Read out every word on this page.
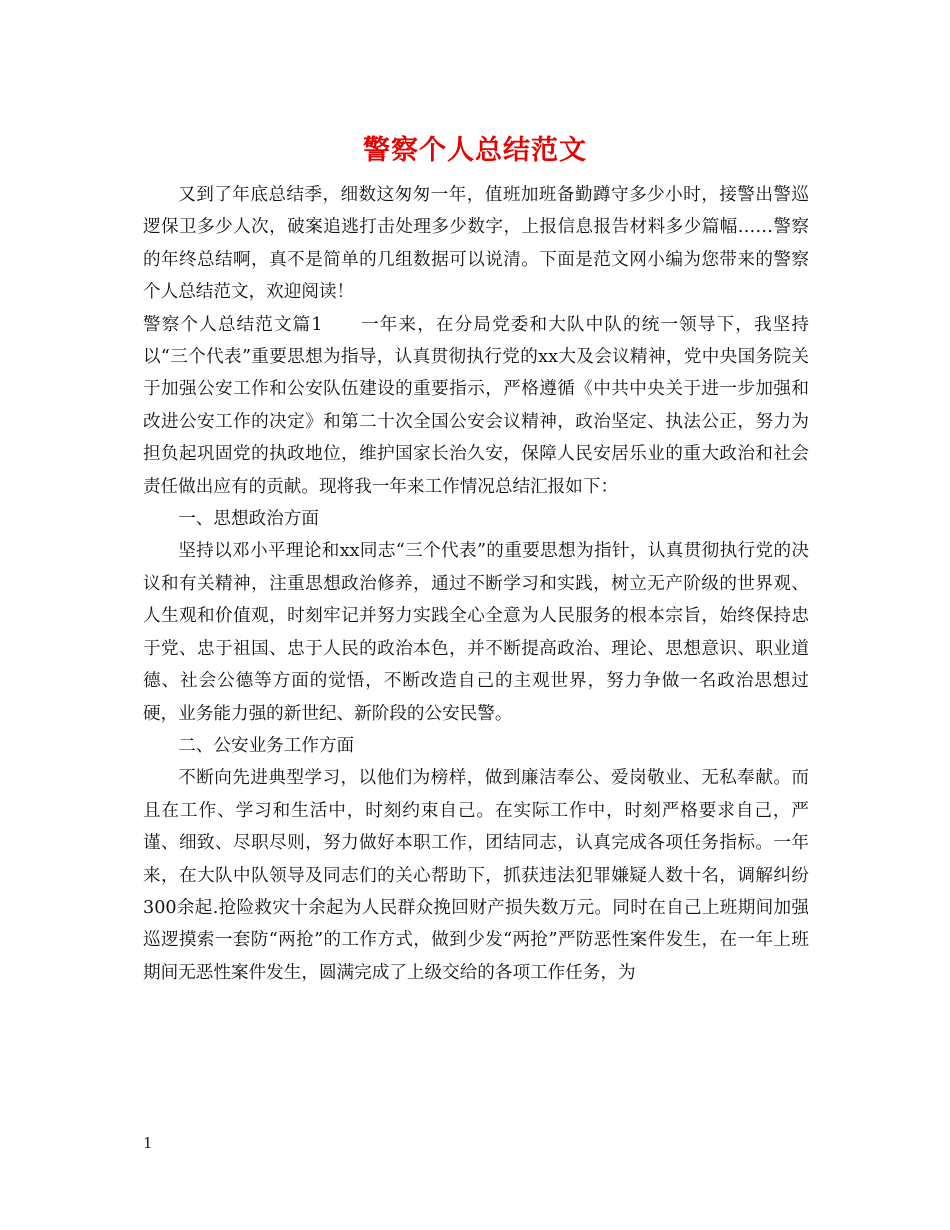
警察个人总结范文

又到了年底总结季，细数这匆匆一年，值班加班备勤蹲守多少小时，接警出警巡逻保卫多少人次，破案追逃打击处理多少数字，上报信息报告材料多少篇幅……警察的年终总结啊，真不是简单的几组数据可以说清。下面是范文网小编为您带来的警察个人总结范文，欢迎阅读！

警察个人总结范文篇1　　一年来，在分局党委和大队中队的统一领导下，我坚持以“三个代表”重要思想为指导，认真贯彻执行党的xx大及会议精神，党中央国务院关于加强公安工作和公安队伍建设的重要指示，严格遵循《中共中央关于进一步加强和改进公安工作的决定》和第二十次全国公安会议精神，政治坚定、执法公正，努力为担负起巩固党的执政地位，维护国家长治久安，保障人民安居乐业的重大政治和社会责任做出应有的贡献。现将我一年来工作情况总结汇报如下：

一、思想政治方面

坚持以邓小平理论和xx同志“三个代表”的重要思想为指针，认真贯彻执行党的决议和有关精神，注重思想政治修养，通过不断学习和实践，树立无产阶级的世界观、人生观和价值观，时刻牢记并努力实践全心全意为人民服务的根本宗旨，始终保持忠于党、忠于祖国、忠于人民的政治本色，并不断提高政治、理论、思想意识、职业道德、社会公德等方面的觉悟，不断改造自己的主观世界，努力争做一名政治思想过硬，业务能力强的新世纪、新阶段的公安民警。

二、公安业务工作方面

不断向先进典型学习，以他们为榜样，做到廉洁奉公、爱岗敬业、无私奉献。而且在工作、学习和生活中，时刻约束自己。在实际工作中，时刻严格要求自己，严谨、细致、尽职尽则，努力做好本职工作，团结同志，认真完成各项任务指标。一年来，在大队中队领导及同志们的关心帮助下，抓获违法犯罪嫌疑人数十名，调解纠纷300余起.抢险救灾十余起为人民群众挽回财产损失数万元。同时在自己上班期间加强巡逻摸索一套防“两抢”的工作方式，做到少发“两抢”严防恶性案件发生，在一年上班期间无恶性案件发生，圆满完成了上级交给的各项工作任务，为

1
